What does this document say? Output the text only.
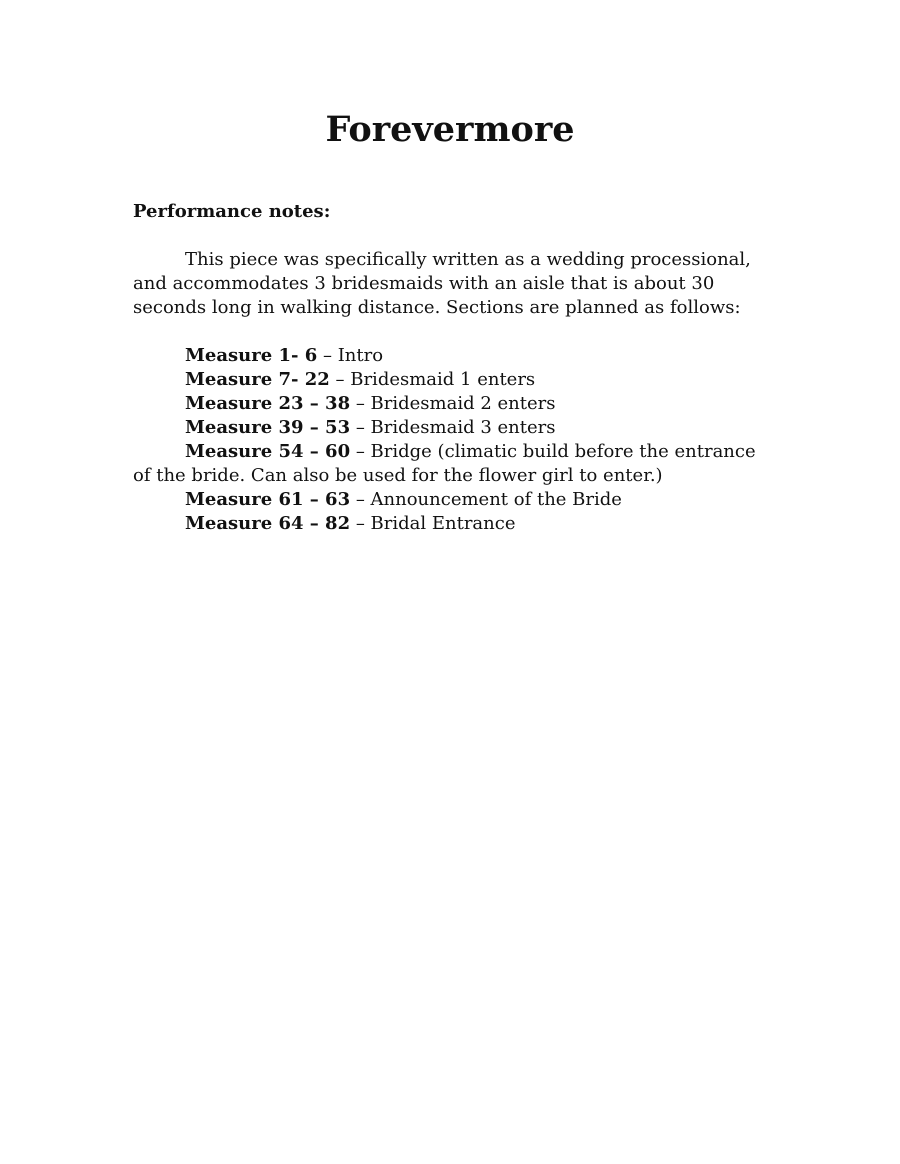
Forevermore

Performance notes:

This piece was specifically written as a wedding processional, and accommodates 3 bridesmaids with an aisle that is about 30 seconds long in walking distance. Sections are planned as follows:

Measure 1- 6 – Intro
Measure 7- 22 – Bridesmaid 1 enters
Measure 23 – 38 – Bridesmaid 2 enters
Measure 39 – 53 – Bridesmaid 3 enters
Measure 54 – 60 – Bridge (climatic build before the entrance of the bride. Can also be used for the flower girl to enter.)
Measure 61 – 63 – Announcement of the Bride
Measure 64 – 82 – Bridal Entrance
